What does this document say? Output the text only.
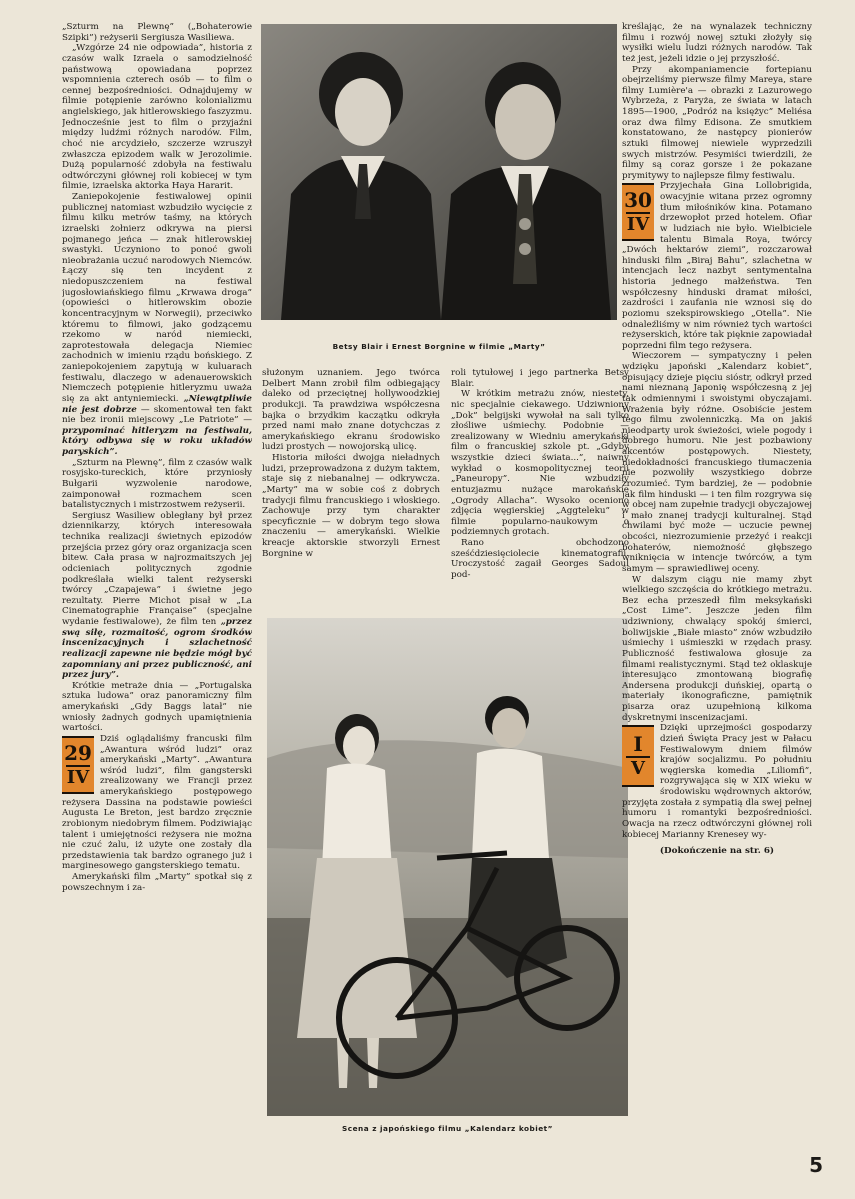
„Szturm na Plewnę” („Bohaterowie Szipki”) reżyserii Sergiusza Wasiliewa.

„Wzgórze 24 nie odpowiada”, historia z czasów walk Izraela o samodzielność państwową opowiadana poprzez wspomnienia czterech osób — to film o cennej bezpośredniości. Odnajdujemy w filmie potępienie zarówno kolonializmu angielskiego, jak hitlerowskiego faszyzmu. Jednocześnie jest to film o przyjaźni między ludźmi różnych narodów. Film, choć nie arcydzieło, szczerze wzruszył zwłaszcza epizodem walk w Jerozolimie. Dużą popularność zdobyła na festiwalu odtwórczyni głównej roli kobiecej w tym filmie, izraelska aktorka Haya Hararit.

Zaniepokojenie festiwalowej opinii publicznej natomiast wzbudziło wycięcie z filmu kilku metrów taśmy, na których izraelski żołnierz odkrywa na piersi pojmanego jeńca — znak hitlerowskiej swastyki. Uczyniono to ponoć gwoli nieobrażania uczuć narodowych Niemców. Łączy się ten incydent z niedopuszczeniem na festiwal jugosłowiańskiego filmu „Krwawa droga” (opowieści o hitlerowskim obozie koncentracyjnym w Norwegii), przeciwko któremu to filmowi, jako godzącemu rzekomo w naród niemiecki, zaprotestowała delegacja Niemiec zachodnich w imieniu rządu bońskiego. Z zaniepokojeniem zapytują w kuluarach festiwalu, dlaczego w adenauerowskich Niemczech potępienie hitleryzmu uważa się za akt antyniemiecki. „Niewątpliwie nie jest dobrze — skomentował ten fakt nie bez ironii miejscowy „Le Patriote” — przypominać hitleryzm na festiwalu, który odbywa się w roku układów paryskich”.

„Szturm na Plewnę”, film z czasów walk rosyjsko-tureckich, które przyniosły Bułgarii wyzwolenie narodowe, zaimponował rozmachem scen batalistycznych i mistrzostwem reżyserii.

Sergiusz Wasiliew obległany był przez dziennikarzy, których interesowała technika realizacji świetnych epizodów przejścia przez góry oraz organizacja scen bitew. Cała prasa w najrozmaitszych jej odcieniach politycznych zgodnie podkreślała wielki talent reżyserski twórcy „Czapajewa” i świetne jego rezultaty. Pierre Michot pisał w „La Cinematographie Française” (specjalne wydanie festiwalowe), że film ten „przez swą siłę, rozmaitość, ogrom środków inscenizacyjnych i szlachetność realizacji zapewne nie będzie mógł być zapomniany ani przez publiczność, ani przez jury”.

Krótkie metraże dnia — „Portugalska sztuka ludowa” oraz panoramiczny film amerykański „Gdy Baggs latał” nie wniosły żadnych godnych upamiętnienia wartości.

29
IV

Dziś oglądaliśmy francuski film „Awantura wśród ludzi” oraz amerykański „Marty”. „Awantura wśród ludzi”, film gangsterski zrealizowany we Francji przez amerykańskiego postępowego reżysera Dassina na podstawie powieści Augusta Le Breton, jest bardzo zręcznie zrobionym niedobrym filmem. Podziwiając talent i umiejętności reżysera nie można nie czuć żalu, iż użyte one zostały dla przedstawienia tak bardzo ogranego już i marginesowego gangsterskiego tematu.

Amerykański film „Marty” spotkał się z powszechnym i za-

Betsy Blair i Ernest Borgnine w filmie „Marty”

służonym uznaniem. Jego twórca Delbert Mann zrobił film odbiegający daleko od przeciętnej hollywoodzkiej produkcji. Ta prawdziwa współczesna bajka o brzydkim kaczątku odkryła przed nami mało znane dotychczas z amerykańskiego ekranu środowisko ludzi prostych — nowojorską ulicę.

Historia miłości dwojga nieładnych ludzi, przeprowadzona z dużym taktem, staje się z niebanalnej — odkrywcza. „Marty” ma w sobie coś z dobrych tradycji filmu francuskiego i włoskiego. Zachowuje przy tym charakter specyficznie — w dobrym tego słowa znaczeniu — amerykański. Wielkie kreacje aktorskie stworzyli Ernest Borgnine w

roli tytułowej i jego partnerka Betsy Blair.

W krótkim metrażu znów, niestety, nic specjalnie ciekawego. Udziwniony „Dok” belgijski wywołał na sali tylko złośliwe uśmiechy. Podobnie — zrealizowany w Wiedniu amerykański film o francuskiej szkole pt. „Gdyby wszystkie dzieci świata...”, naiwny wykład o kosmopolitycznej teorii „Paneuropy”. Nie wzbudziły entuzjazmu nużące marokańskie „Ogrody Allacha”. Wysoko oceniono zdjęcia węgierskiej „Aggteleku” w filmie popularno-naukowym o podziemnych grotach.

Rano obchodzono sześćdziesięciolecie kinematografii. Uroczystość zagaił Georges Sadoul pod-

Scena z japońskiego filmu „Kalendarz kobiet”

kreślając, że na wynalazek techniczny filmu i rozwój nowej sztuki złożyły się wysiłki wielu ludzi różnych narodów. Tak też jest, jeżeli idzie o jej przyszłość.

Przy akompaniamencie fortepianu obejrzeliśmy pierwsze filmy Mareya, stare filmy Lumière'a — obrazki z Lazurowego Wybrzeża, z Paryża, ze świata w latach 1895—1900, „Podróż na księżyc” Meliésa oraz dwa filmy Edisona. Ze smutkiem konstatowano, że następcy pionierów sztuki filmowej niewiele wyprzedzili swych mistrzów. Pesymiści twierdzili, że filmy są coraz gorsze i że pokazane prymitywy to najlepsze filmy festiwalu.

30
IV

Przyjechała Gina Lollobrigida, owacyjnie witana przez ogromny tłum miłośników kina. Potamano drzewopłot przed hotelem. Ofiar w ludziach nie było. Wielbiciele talentu Bimala Roya, twórcy „Dwóch hektarów ziemi”, rozczarował hinduski film „Biraj Bahu”, szlachetna w intencjach lecz nazbyt sentymentalna historia jednego małżeństwa. Ten współczesny hinduski dramat miłości, zazdrości i zaufania nie wznosi się do poziomu szekspirowskiego „Otella”. Nie odnaleźliśmy w nim również tych wartości reżyserskich, które tak pięknie zapowiadał poprzedni film tego reżysera.

Wieczorem — sympatyczny i pełen wdzięku japoński „Kalendarz kobiet”, opisujący dzieje pięciu sióstr, odkrył przed nami nieznaną Japonię współczesną z jej tak odmiennymi i swoistymi obyczajami. Wrażenia były różne. Osobiście jestem tego filmu zwolenniczką. Ma on jakiś nieodparty urok świeżości, wiele pogody i dobrego humoru. Nie jest pozbawiony akcentów postępowych. Niestety, niedokładności francuskiego tłumaczenia nie pozwoliły wszystkiego dobrze zrozumieć. Tym bardziej, że — podobnie jak film hinduski — i ten film rozgrywa się w obcej nam zupełnie tradycji obyczajowej i mało znanej tradycji kulturalnej. Stąd chwilami być może — uczucie pewnej obcości, niezrozumienie przeżyć i reakcji bohaterów, niemożność głębszego wniknięcia w intencje twórców, a tym samym — sprawiedliwej oceny.

W dalszym ciągu nie mamy zbyt wielkiego szczęścia do krótkiego metrażu. Bez echa przeszedł film meksykański „Cost Lime”. Jeszcze jeden film udziwniony, chwalący spokój śmierci, boliwijskie „Białe miasto” znów wzbudziło uśmiechy i uśmieszki w rzędach prasy. Publiczność festiwalowa głosuje za filmami realistycznymi. Stąd też oklaskuje interesująco zmontowaną biografię Andersena produkcji duńskiej, opartą o materiały ikonograficzne, pamiętnik pisarza oraz uzupełnioną kilkoma dyskretnymi inscenizacjami.

I
V

Dzięki uprzejmości gospodarzy dzień Święta Pracy jest w Pałacu Festiwalowym dniem filmów krajów socjalizmu. Po południu węgierska komedia „Liliomfi”, rozgrywająca się w XIX wieku w środowisku wędrownych aktorów, przyjęta została z sympatią dla swej pełnej humoru i romantyki bezpośredniości. Owacja na rzecz odtwórczyni głównej roli kobiecej Marianny Krenesey wy-

(Dokończenie na str. 6)

5
